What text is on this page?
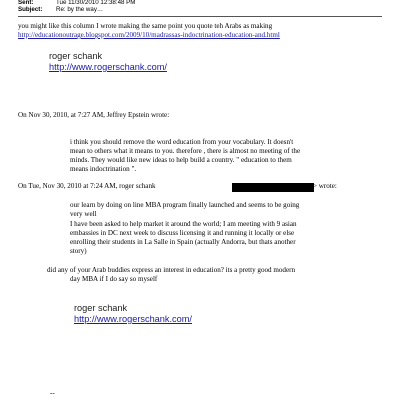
Sent:	Tue 11/30/2010 12:38:48 PM
Subject: Re: by the way…
you might like this column I wrote making the same point you quote teh Arabs as making
http://educationoutrage.blogspot.com/2009/10/madrassas-indoctrination-education-and.html
roger schank
http://www.rogerschank.com/
On Nov 30, 2010, at 7:27 AM, Jeffrey Epstein wrote:
i think you should remove the word education from your vocabulary. It doesn't
mean to others what it means to you. therefore , there is almost no meeting of the
minds. They would like new ideas to help build a country. " education to them
means indoctrination ".
On Tue, Nov 30, 2010 at 7:24 AM, roger schank	> wrote:
our learn by doing on line MBA program finally launched and seems to be going
very well
I have been asked to help market it around the world; I am meeting with 9 asian
embassies in DC next week to discuss licensing it and running it locally or else
enrolling their students in La Salle in Spain (actually Andorra, but thats another
story)
did any of your Arab buddies express an interest in education? its a pretty good modern
day MBA if I do say so myself
roger schank
http://www.rogerschank.com/
--
